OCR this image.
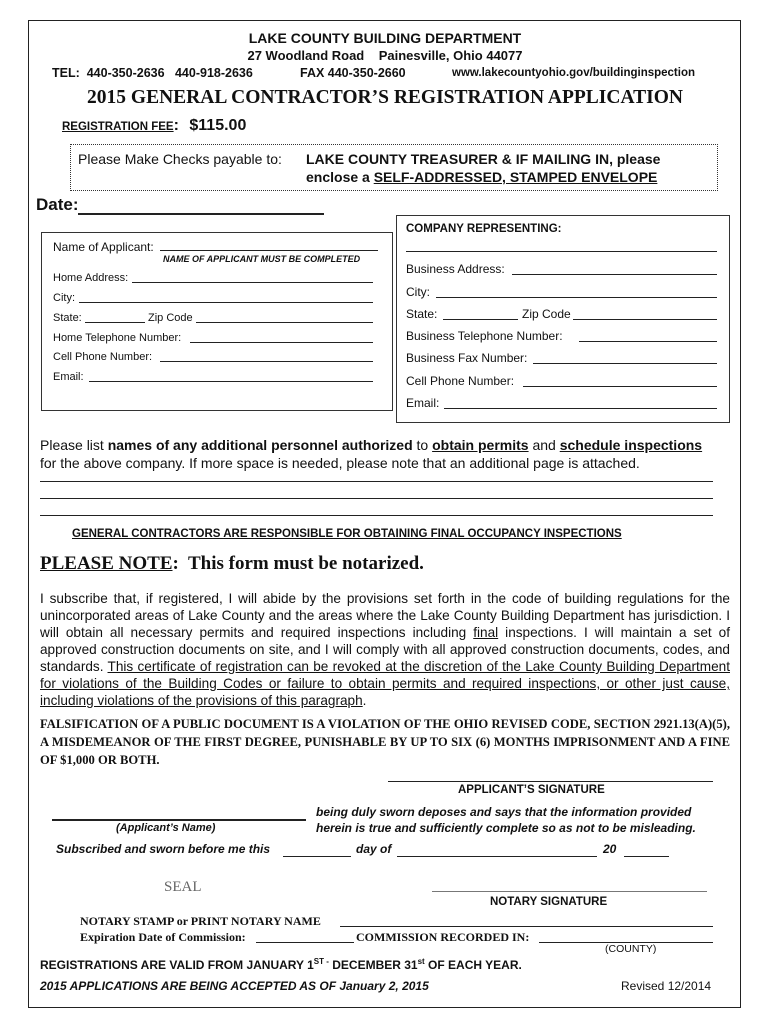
LAKE COUNTY BUILDING DEPARTMENT
27 Woodland Road    Painesville, Ohio 44077
TEL:  440-350-2636   440-918-2636	FAX 440-350-2660	www.lakecountyohio.gov/buildinginspection
2015 GENERAL CONTRACTOR’S REGISTRATION APPLICATION
REGISTRATION FEE: $115.00
Please Make Checks payable to: LAKE COUNTY TREASURER & IF MAILING IN, please
enclose a SELF-ADDRESSED, STAMPED ENVELOPE
Date:
Name of Applicant:
NAME OF APPLICANT MUST BE COMPLETED
Home Address:
City:
State:	Zip Code
Home Telephone Number:
Cell Phone Number:
Email:
COMPANY REPRESENTING:
Business Address:
City:
State:	Zip Code
Business Telephone Number:
Business Fax Number:
Cell Phone Number:
Email:
Please list names of any additional personnel authorized to obtain permits and schedule inspections
for the above company. If more space is needed, please note that an additional page is attached.
GENERAL CONTRACTORS ARE RESPONSIBLE FOR OBTAINING FINAL OCCUPANCY INSPECTIONS
PLEASE NOTE:  This form must be notarized.
I subscribe that, if registered, I will abide by the provisions set forth in the code of building regulations for the unincorporated areas of Lake County and the areas where the Lake County Building Department has jurisdiction. I will obtain all necessary permits and required inspections including final inspections. I will maintain a set of approved construction documents on site, and I will comply with all approved construction documents, codes, and standards. This certificate of registration can be revoked at the discretion of the Lake County Building Department for violations of the Building Codes or failure to obtain permits and required inspections, or other just cause, including violations of the provisions of this paragraph.
FALSIFICATION OF A PUBLIC DOCUMENT IS A VIOLATION OF THE OHIO REVISED CODE, SECTION 2921.13(A)(5), A MISDEMEANOR OF THE FIRST DEGREE, PUNISHABLE BY UP TO SIX (6) MONTHS IMPRISONMENT AND A FINE OF $1,000 OR BOTH.
APPLICANT’S SIGNATURE
being duly sworn deposes and says that the information provided
herein is true and sufficiently complete so as not to be misleading.
(Applicant’s Name)
Subscribed and sworn before me this	day of	20
SEAL
NOTARY SIGNATURE
NOTARY STAMP or PRINT NOTARY NAME
Expiration Date of Commission:	COMMISSION RECORDED IN:
(COUNTY)
REGISTRATIONS ARE VALID FROM JANUARY $1^{ST -}$ DECEMBER 31st OF EACH YEAR.
2015 APPLICATIONS ARE BEING ACCEPTED AS OF January 2, 2015	Revised 12/2014
